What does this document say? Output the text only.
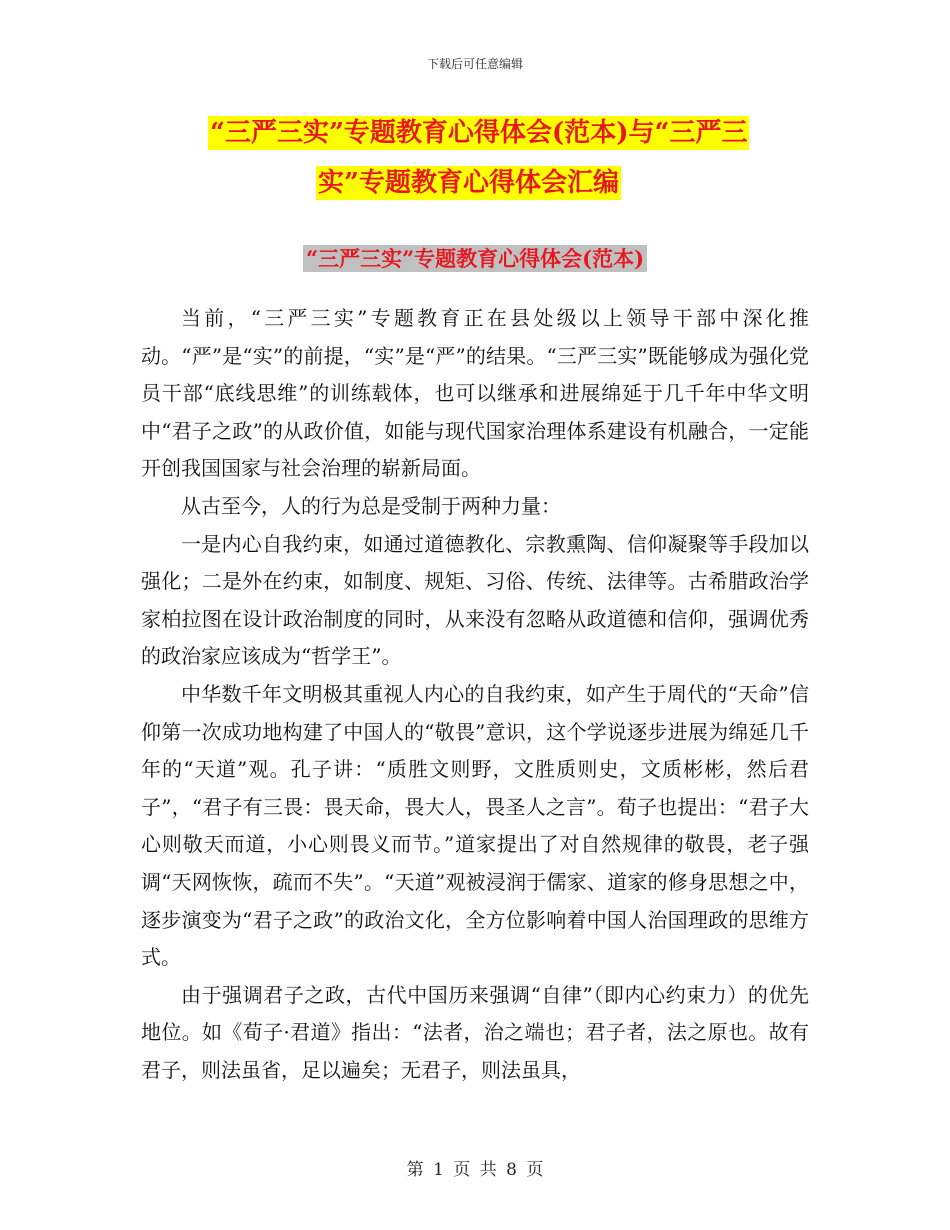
下载后可任意编辑
“三严三实”专题教育心得体会(范本)与“三严三
实”专题教育心得体会汇编
“三严三实”专题教育心得体会(范本)

当前，“三严三实”专题教育正在县处级以上领导干部中深化推动。“严”是“实”的前提，“实”是“严”的结果。“三严三实”既能够成为强化党员干部“底线思维”的训练载体，也可以继承和进展绵延于几千年中华文明中“君子之政”的从政价值，如能与现代国家治理体系建设有机融合，一定能开创我国国家与社会治理的崭新局面。

从古至今，人的行为总是受制于两种力量：

一是内心自我约束，如通过道德教化、宗教熏陶、信仰凝聚等手段加以强化；二是外在约束，如制度、规矩、习俗、传统、法律等。古希腊政治学家柏拉图在设计政治制度的同时，从来没有忽略从政道德和信仰，强调优秀的政治家应该成为“哲学王”。

中华数千年文明极其重视人内心的自我约束，如产生于周代的“天命”信仰第一次成功地构建了中国人的“敬畏”意识，这个学说逐步进展为绵延几千年的“天道”观。孔子讲：“质胜文则野，文胜质则史，文质彬彬，然后君子”，“君子有三畏：畏天命，畏大人，畏圣人之言”。荀子也提出：“君子大心则敬天而道，小心则畏义而节。”道家提出了对自然规律的敬畏，老子强调“天网恢恢，疏而不失”。“天道”观被浸润于儒家、道家的修身思想之中，逐步演变为“君子之政”的政治文化，全方位影响着中国人治国理政的思维方式。

由于强调君子之政，古代中国历来强调“自律”（即内心约束力）的优先地位。如《荀子·君道》指出：“法者，治之端也；君子者，法之原也。故有君子，则法虽省，足以遍矣；无君子，则法虽具，

第 1 页 共 8 页
